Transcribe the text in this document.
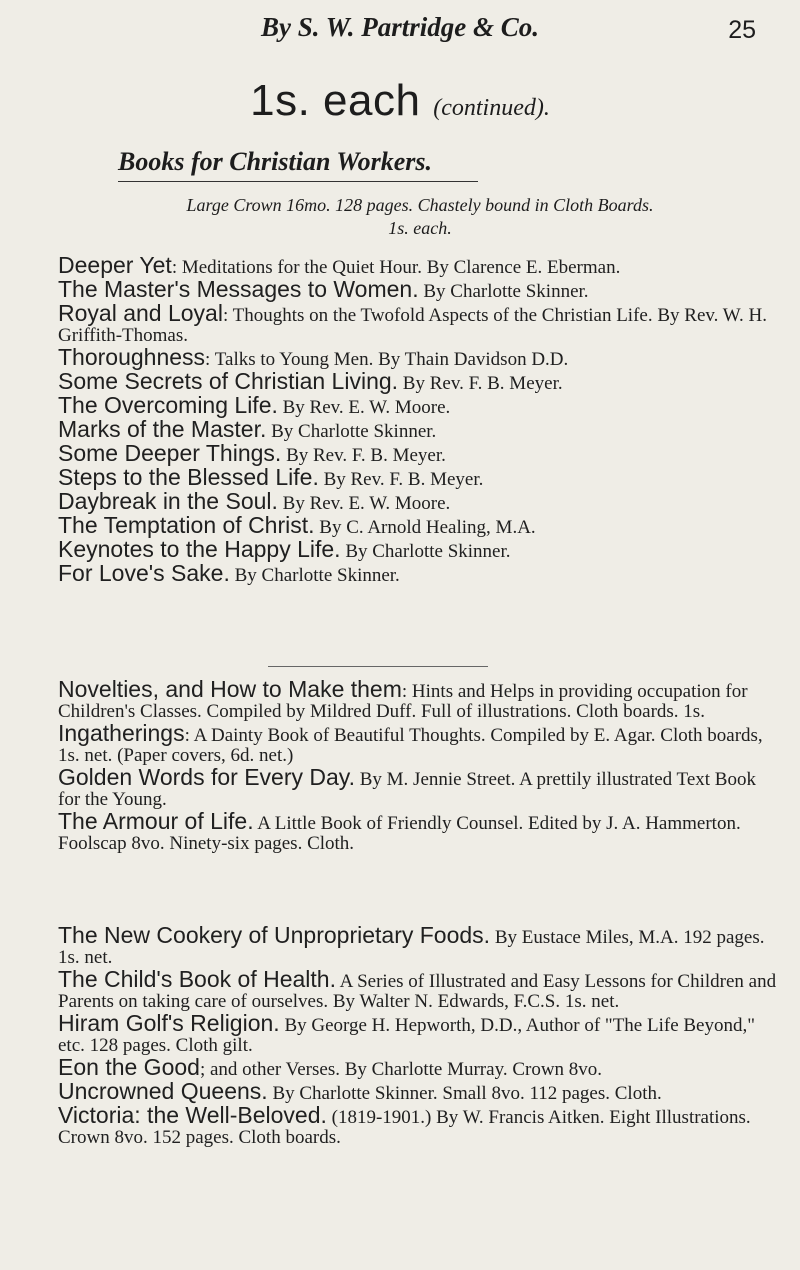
By S. W. Partridge & Co.	25
1s. each (continued).
Books for Christian Workers.
Large Crown 16mo. 128 pages. Chastely bound in Cloth Boards.
1s. each.

Deeper Yet: Meditations for the Quiet Hour. By Clarence E. Eberman.

The Master's Messages to Women. By Charlotte Skinner.

Royal and Loyal: Thoughts on the Twofold Aspects of the Christian Life. By Rev. W. H. Griffith-Thomas.

Thoroughness: Talks to Young Men. By Thain Davidson D.D.

Some Secrets of Christian Living. By Rev. F. B. Meyer.

The Overcoming Life. By Rev. E. W. Moore.

Marks of the Master. By Charlotte Skinner.

Some Deeper Things. By Rev. F. B. Meyer.

Steps to the Blessed Life. By Rev. F. B. Meyer.

Daybreak in the Soul. By Rev. E. W. Moore.

The Temptation of Christ. By C. Arnold Healing, M.A.

Keynotes to the Happy Life. By Charlotte Skinner.

For Love's Sake. By Charlotte Skinner.

Novelties, and How to Make them: Hints and Helps in providing occupation for Children's Classes. Compiled by Mildred Duff. Full of illustrations. Cloth boards. 1s.

Ingatherings: A Dainty Book of Beautiful Thoughts. Compiled by E. Agar. Cloth boards, 1s. net. (Paper covers, 6d. net.)

Golden Words for Every Day. By M. Jennie Street. A prettily illustrated Text Book for the Young.

The Armour of Life. A Little Book of Friendly Counsel. Edited by J. A. Hammerton. Foolscap 8vo. Ninety-six pages. Cloth.

The New Cookery of Unproprietary Foods. By Eustace Miles, M.A. 192 pages. 1s. net.

The Child's Book of Health. A Series of Illustrated and Easy Lessons for Children and Parents on taking care of ourselves. By Walter N. Edwards, F.C.S. 1s. net.

Hiram Golf's Religion. By George H. Hepworth, D.D., Author of "The Life Beyond," etc. 128 pages. Cloth gilt.

Eon the Good; and other Verses. By Charlotte Murray. Crown 8vo.

Uncrowned Queens. By Charlotte Skinner. Small 8vo. 112 pages. Cloth.

Victoria: the Well-Beloved. (1819-1901.) By W. Francis Aitken. Eight Illustrations. Crown 8vo. 152 pages. Cloth boards.
